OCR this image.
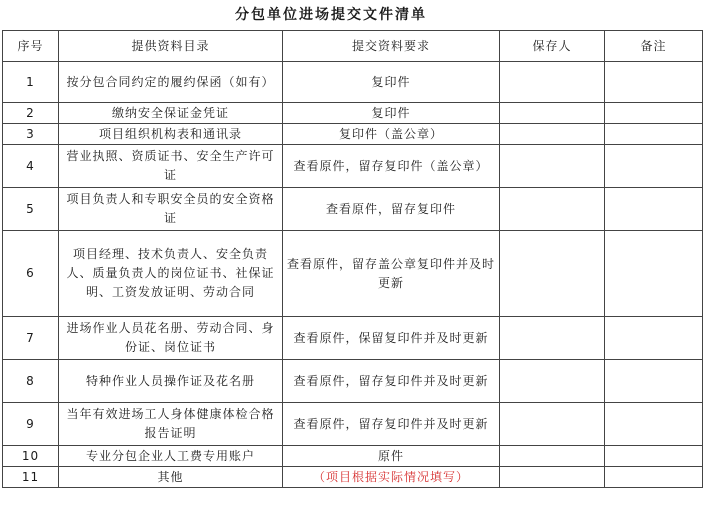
分包单位进场提交文件清单
序号	提供资料目录	提交资料要求	保存人	备注
1	按分包合同约定的履约保函（如有）	复印件		
2	缴纳安全保证金凭证	复印件		
3	项目组织机构表和通讯录	复印件（盖公章）		
4	营业执照、资质证书、安全生产许可证	查看原件，留存复印件（盖公章）		
5	项目负责人和专职安全员的安全资格证	查看原件，留存复印件		
6	项目经理、技术负责人、安全负责人、质量负责人的岗位证书、社保证明、工资发放证明、劳动合同	查看原件，留存盖公章复印件并及时更新		
7	进场作业人员花名册、劳动合同、身份证、岗位证书	查看原件，保留复印件并及时更新		
8	特种作业人员操作证及花名册	查看原件，留存复印件并及时更新		
9	当年有效进场工人身体健康体检合格报告证明	查看原件，留存复印件并及时更新		
10	专业分包企业人工费专用账户	原件		
11	其他	（项目根据实际情况填写）		
